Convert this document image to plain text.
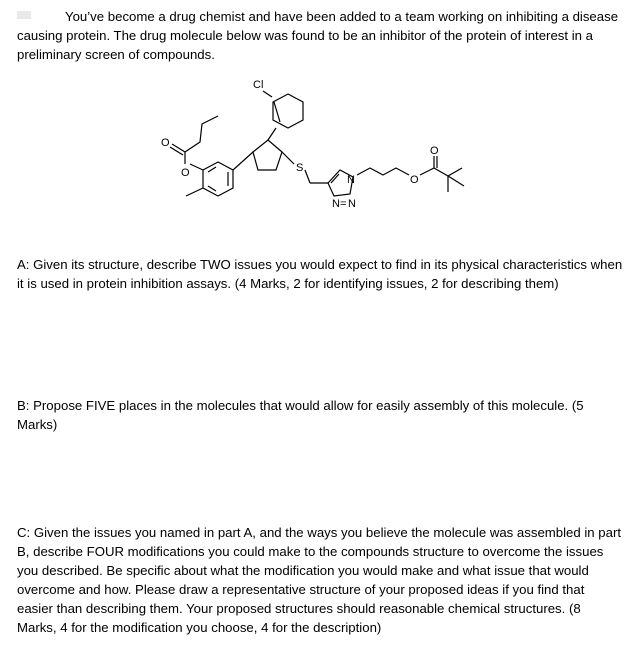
You’ve become a drug chemist and have been added to a team working on inhibiting a disease causing protein. The drug molecule below was found to be an inhibitor of the protein of interest in a preliminary screen of compounds.

Cl
O
O
S
N
N = N
O
O

A: Given its structure, describe TWO issues you would expect to find in its physical characteristics when it is used in protein inhibition assays. (4 Marks, 2 for identifying issues, 2 for describing them)

B: Propose FIVE places in the molecules that would allow for easily assembly of this molecule. (5 Marks)

C: Given the issues you named in part A, and the ways you believe the molecule was assembled in part B, describe FOUR modifications you could make to the compounds structure to overcome the issues you described. Be specific about what the modification you would make and what issue that would overcome and how. Please draw a representative structure of your proposed ideas if you find that easier than describing them. Your proposed structures should reasonable chemical structures. (8 Marks, 4 for the modification you choose, 4 for the description)
